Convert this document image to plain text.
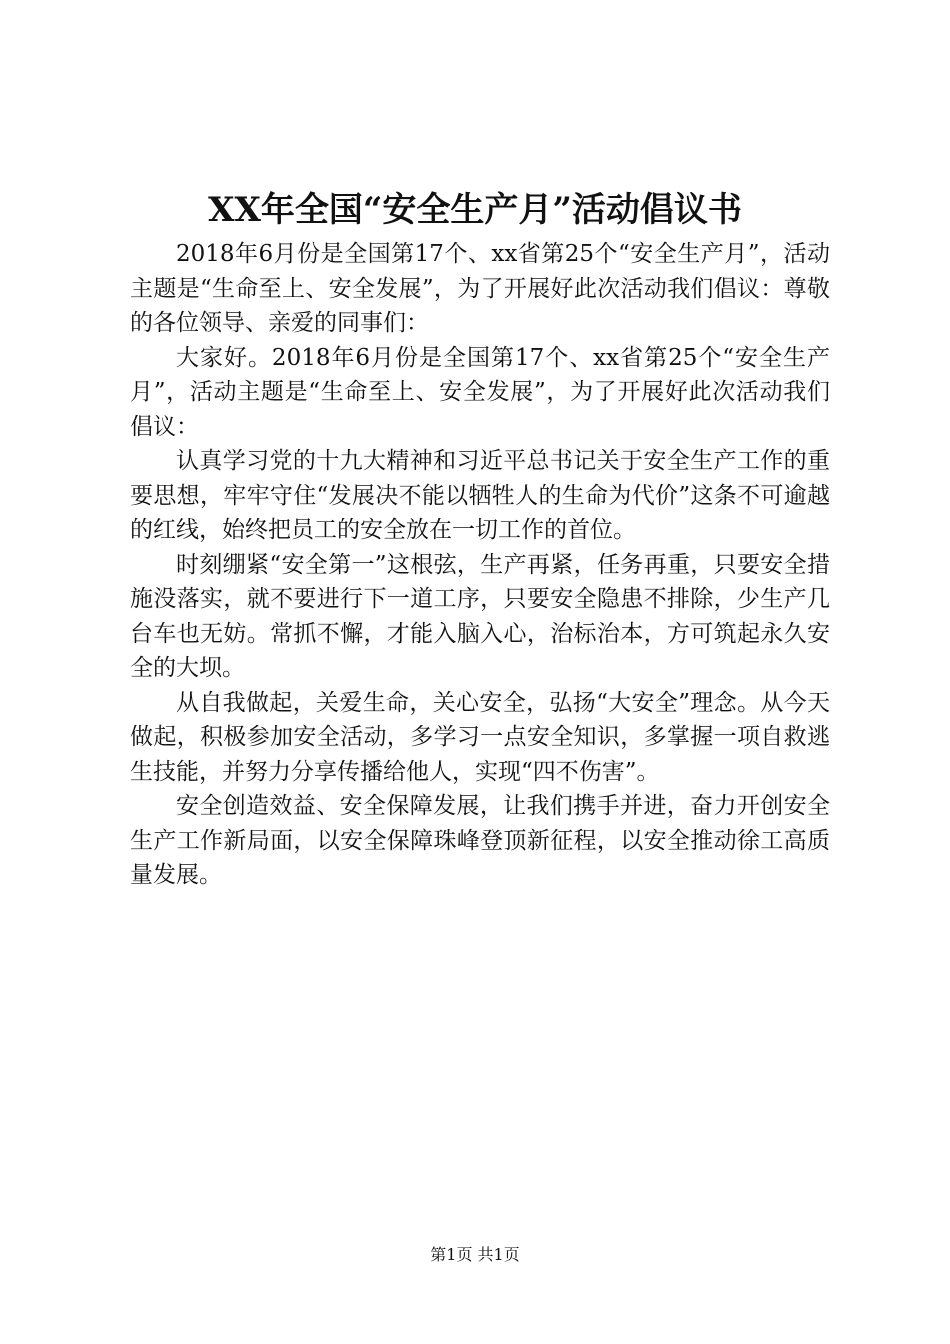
XX年全国“安全生产月”活动倡议书

2018年6月份是全国第17个、xx省第25个“安全生产月”，活动主题是“生命至上、安全发展”，为了开展好此次活动我们倡议：尊敬的各位领导、亲爱的同事们：

大家好。2018年6月份是全国第17个、xx省第25个“安全生产月”，活动主题是“生命至上、安全发展”，为了开展好此次活动我们倡议：

认真学习党的十九大精神和习近平总书记关于安全生产工作的重要思想，牢牢守住“发展决不能以牺牲人的生命为代价”这条不可逾越的红线，始终把员工的安全放在一切工作的首位。

时刻绷紧“安全第一”这根弦，生产再紧，任务再重，只要安全措施没落实，就不要进行下一道工序，只要安全隐患不排除，少生产几台车也无妨。常抓不懈，才能入脑入心，治标治本，方可筑起永久安全的大坝。

从自我做起，关爱生命，关心安全，弘扬“大安全”理念。从今天做起，积极参加安全活动，多学习一点安全知识，多掌握一项自救逃生技能，并努力分享传播给他人，实现“四不伤害”。

安全创造效益、安全保障发展，让我们携手并进，奋力开创安全生产工作新局面，以安全保障珠峰登顶新征程，以安全推动徐工高质量发展。

第1页 共1页
